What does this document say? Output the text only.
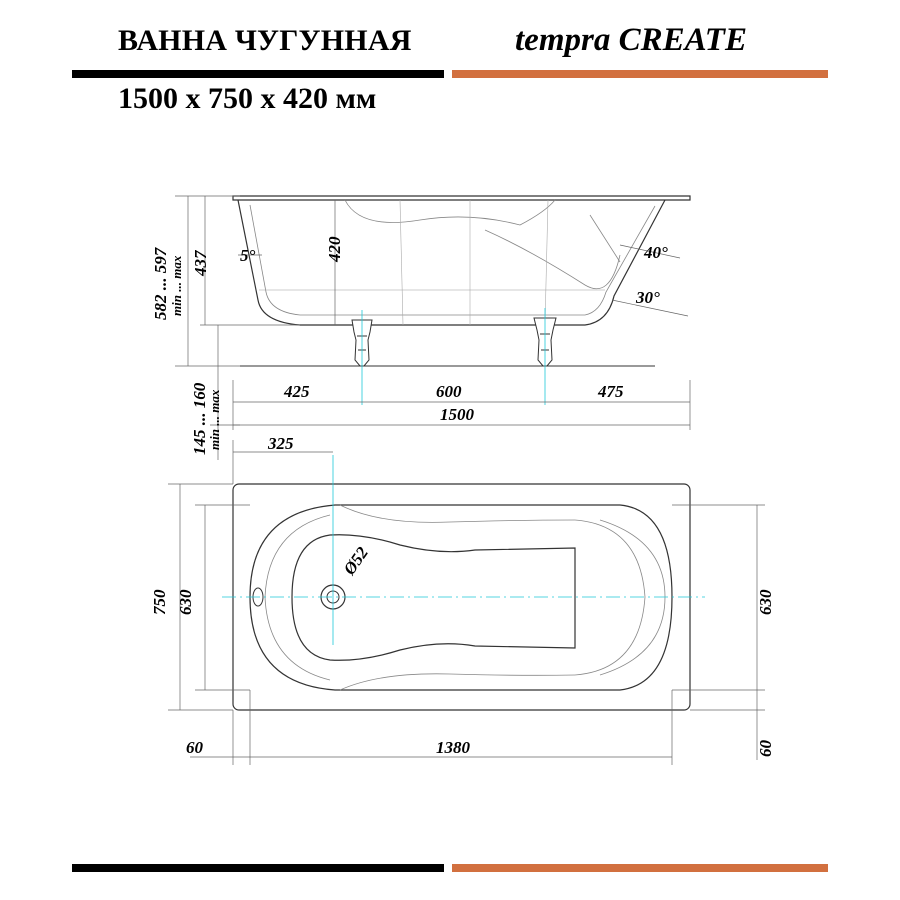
ВАННА ЧУГУННАЯ	tempra CREATE
1500 x 750 x 420 мм
5°	420	40°
30°
582 ... 597 min ... max 437
145 ... 160
min ... max	425	600	475
1500
325
Ø52
750 630	630
60	1380	60
